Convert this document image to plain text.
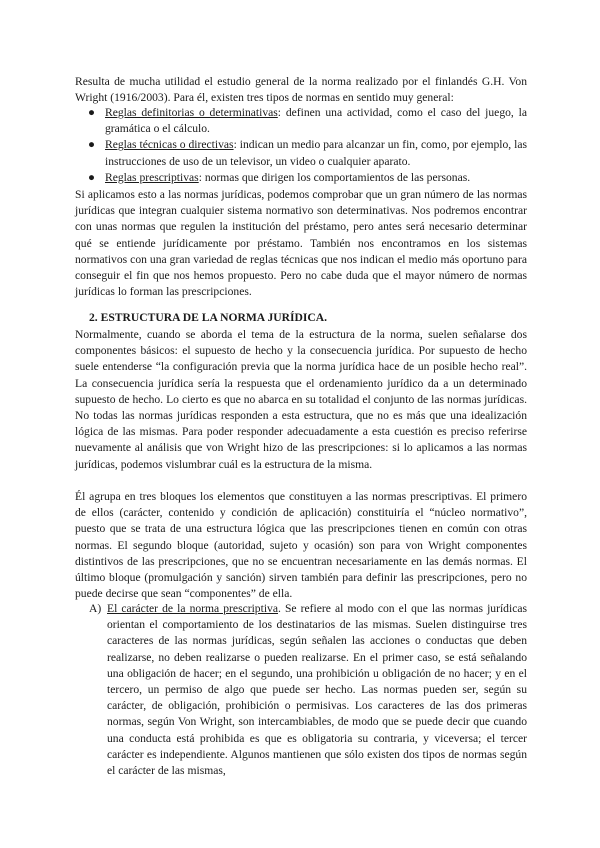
Resulta de mucha utilidad el estudio general de la norma realizado por el finlandés G.H. Von Wright (1916/2003). Para él, existen tres tipos de normas en sentido muy general:
● Reglas definitorias o determinativas: definen una actividad, como el caso del juego, la gramática o el cálculo.
● Reglas técnicas o directivas: indican un medio para alcanzar un fin, como, por ejemplo, las instrucciones de uso de un televisor, un video o cualquier aparato.
● Reglas prescriptivas: normas que dirigen los comportamientos de las personas.
Si aplicamos esto a las normas jurídicas, podemos comprobar que un gran número de las normas jurídicas que integran cualquier sistema normativo son determinativas. Nos podremos encontrar con unas normas que regulen la institución del préstamo, pero antes será necesario determinar qué se entiende jurídicamente por préstamo. También nos encontramos en los sistemas normativos con una gran variedad de reglas técnicas que nos indican el medio más oportuno para conseguir el fin que nos hemos propuesto. Pero no cabe duda que el mayor número de normas jurídicas lo forman las prescripciones.
2. ESTRUCTURA DE LA NORMA JURÍDICA.
Normalmente, cuando se aborda el tema de la estructura de la norma, suelen señalarse dos componentes básicos: el supuesto de hecho y la consecuencia jurídica. Por supuesto de hecho suele entenderse “la configuración previa que la norma jurídica hace de un posible hecho real”. La consecuencia jurídica sería la respuesta que el ordenamiento jurídico da a un determinado supuesto de hecho. Lo cierto es que no abarca en su totalidad el conjunto de las normas jurídicas. No todas las normas jurídicas responden a esta estructura, que no es más que una idealización lógica de las mismas. Para poder responder adecuadamente a esta cuestión es preciso referirse nuevamente al análisis que von Wright hizo de las prescripciones: si lo aplicamos a las normas jurídicas, podemos vislumbrar cuál es la estructura de la misma.
Él agrupa en tres bloques los elementos que constituyen a las normas prescriptivas. El primero de ellos (carácter, contenido y condición de aplicación) constituiría el “núcleo normativo”, puesto que se trata de una estructura lógica que las prescripciones tienen en común con otras normas. El segundo bloque (autoridad, sujeto y ocasión) son para von Wright componentes distintivos de las prescripciones, que no se encuentran necesariamente en las demás normas. El último bloque (promulgación y sanción) sirven también para definir las prescripciones, pero no puede decirse que sean “componentes” de ella.
A) El carácter de la norma prescriptiva. Se refiere al modo con el que las normas jurídicas orientan el comportamiento de los destinatarios de las mismas. Suelen distinguirse tres caracteres de las normas jurídicas, según señalen las acciones o conductas que deben realizarse, no deben realizarse o pueden realizarse. En el primer caso, se está señalando una obligación de hacer; en el segundo, una prohibición u obligación de no hacer; y en el tercero, un permiso de algo que puede ser hecho. Las normas pueden ser, según su carácter, de obligación, prohibición o permisivas. Los caracteres de las dos primeras normas, según Von Wright, son intercambiables, de modo que se puede decir que cuando una conducta está prohibida es que es obligatoria su contraria, y viceversa; el tercer carácter es independiente. Algunos mantienen que sólo existen dos tipos de normas según el carácter de las mismas,
